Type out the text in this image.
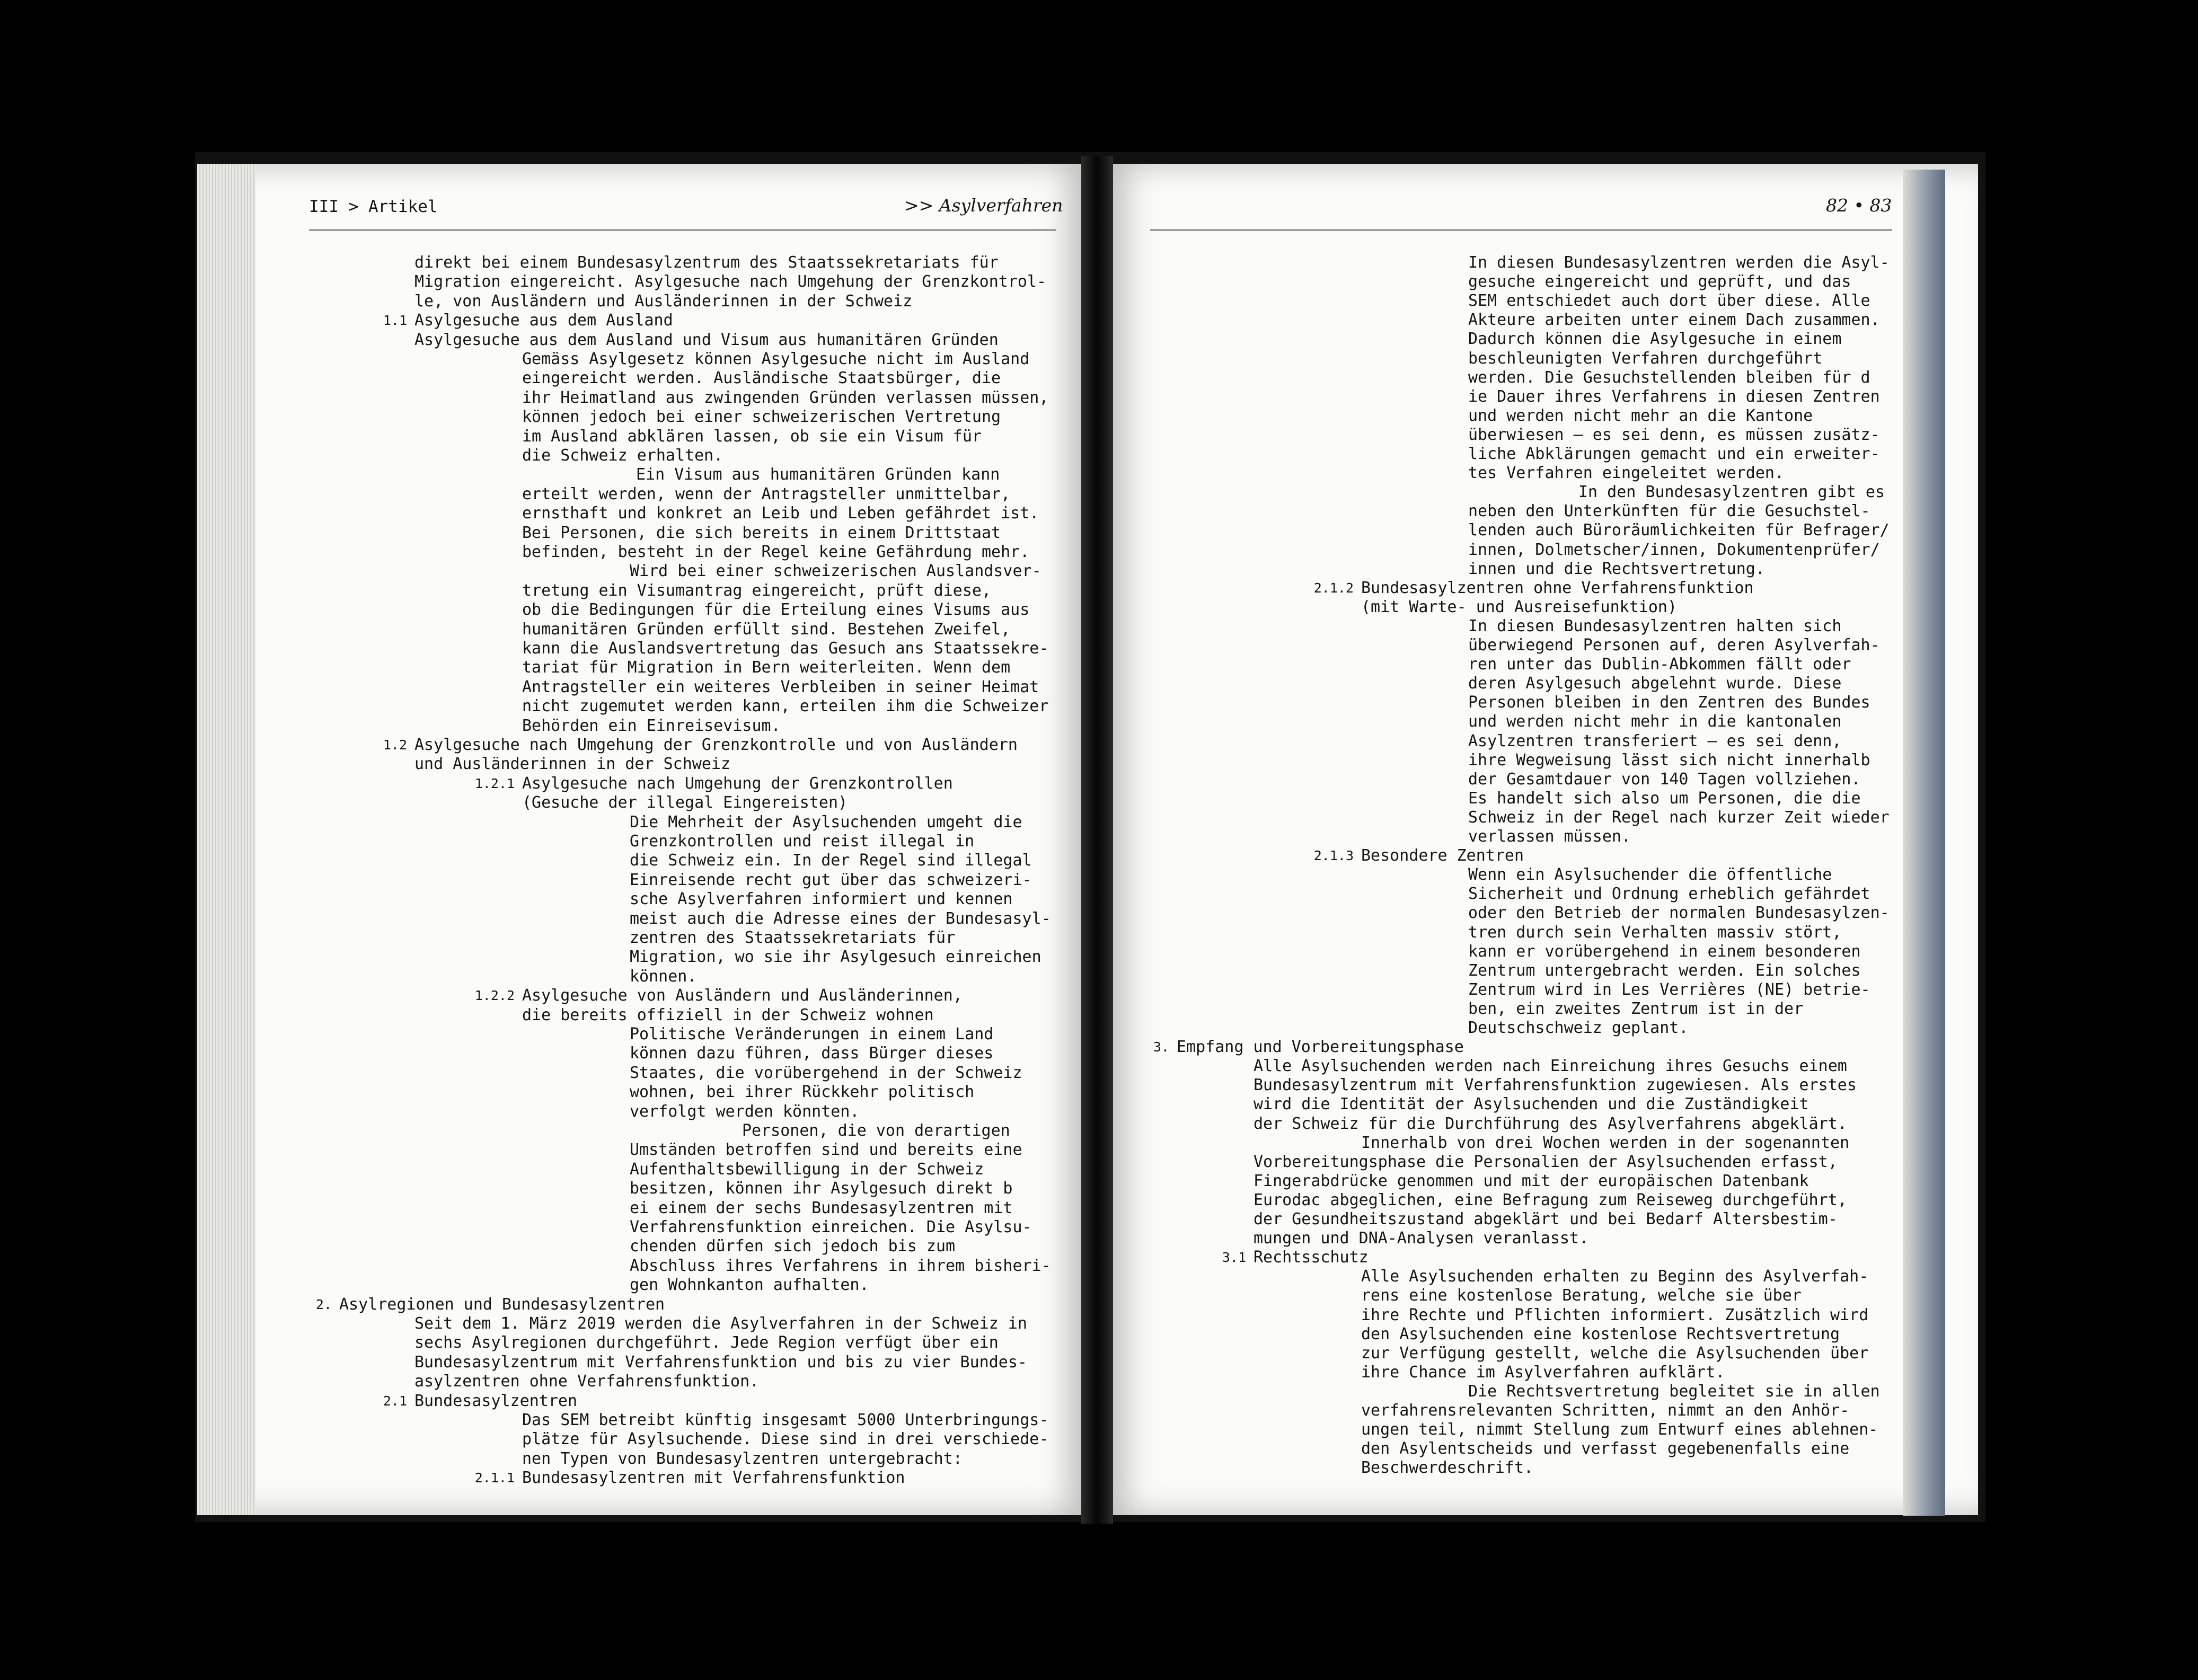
III > Artikel	>> Asylverfahren	82 • 83
direkt bei einem Bundesasylzentrum des Staatssekretariats für
Migration eingereicht. Asylgesuche nach Umgehung der Grenzkontrol-
le, von Ausländern und Ausländerinnen in der Schweiz
1.1 Asylgesuche aus dem Ausland
Asylgesuche aus dem Ausland und Visum aus humanitären Gründen
Gemäss Asylgesetz können Asylgesuche nicht im Ausland
eingereicht werden. Ausländische Staatsbürger, die
ihr Heimatland aus zwingenden Gründen verlassen müssen,
können jedoch bei einer schweizerischen Vertretung
im Ausland abklären lassen, ob sie ein Visum für
die Schweiz erhalten.
Ein Visum aus humanitären Gründen kann
erteilt werden, wenn der Antragsteller unmittelbar,
ernsthaft und konkret an Leib und Leben gefährdet ist.
Bei Personen, die sich bereits in einem Drittstaat
befinden, besteht in der Regel keine Gefährdung mehr.
Wird bei einer schweizerischen Auslandsver-
tretung ein Visumantrag eingereicht, prüft diese,
ob die Bedingungen für die Erteilung eines Visums aus
humanitären Gründen erfüllt sind. Bestehen Zweifel,
kann die Auslandsvertretung das Gesuch ans Staatssekre-
tariat für Migration in Bern weiterleiten. Wenn dem
Antragsteller ein weiteres Verbleiben in seiner Heimat
nicht zugemutet werden kann, erteilen ihm die Schweizer
Behörden ein Einreisevisum.
1.2 Asylgesuche nach Umgehung der Grenzkontrolle und von Ausländern
und Ausländerinnen in der Schweiz
1.2.1 Asylgesuche nach Umgehung der Grenzkontrollen
(Gesuche der illegal Eingereisten)
Die Mehrheit der Asylsuchenden umgeht die
Grenzkontrollen und reist illegal in
die Schweiz ein. In der Regel sind illegal
Einreisende recht gut über das schweizeri-
sche Asylverfahren informiert und kennen
meist auch die Adresse eines der Bundesasyl-
zentren des Staatssekretariats für
Migration, wo sie ihr Asylgesuch einreichen
können.
1.2.2 Asylgesuche von Ausländern und Ausländerinnen,
die bereits offiziell in der Schweiz wohnen
Politische Veränderungen in einem Land
können dazu führen, dass Bürger dieses
Staates, die vorübergehend in der Schweiz
wohnen, bei ihrer Rückkehr politisch
verfolgt werden könnten.
Personen, die von derartigen
Umständen betroffen sind und bereits eine
Aufenthaltsbewilligung in der Schweiz
besitzen, können ihr Asylgesuch direkt b
ei einem der sechs Bundesasylzentren mit
Verfahrensfunktion einreichen. Die Asylsu-
chenden dürfen sich jedoch bis zum
Abschluss ihres Verfahrens in ihrem bisheri-
gen Wohnkanton aufhalten.
2. Asylregionen und Bundesasylzentren
Seit dem 1. März 2019 werden die Asylverfahren in der Schweiz in
sechs Asylregionen durchgeführt. Jede Region verfügt über ein
Bundesasylzentrum mit Verfahrensfunktion und bis zu vier Bundes-
asylzentren ohne Verfahrensfunktion.
2.1 Bundesasylzentren
Das SEM betreibt künftig insgesamt 5000 Unterbringungs-
plätze für Asylsuchende. Diese sind in drei verschiede-
nen Typen von Bundesasylzentren untergebracht:
2.1.1 Bundesasylzentren mit Verfahrensfunktion
In diesen Bundesasylzentren werden die Asyl-
gesuche eingereicht und geprüft, und das
SEM entschiedet auch dort über diese. Alle
Akteure arbeiten unter einem Dach zusammen.
Dadurch können die Asylgesuche in einem
beschleunigten Verfahren durchgeführt
werden. Die Gesuchstellenden bleiben für d
ie Dauer ihres Verfahrens in diesen Zentren
und werden nicht mehr an die Kantone
überwiesen – es sei denn, es müssen zusätz-
liche Abklärungen gemacht und ein erweiter-
tes Verfahren eingeleitet werden.
In den Bundesasylzentren gibt es
neben den Unterkünften für die Gesuchstel-
lenden auch Büroräumlichkeiten für Befrager/
innen, Dolmetscher/innen, Dokumentenprüfer/
innen und die Rechtsvertretung.
2.1.2 Bundesasylzentren ohne Verfahrensfunktion
(mit Warte- und Ausreisefunktion)
In diesen Bundesasylzentren halten sich
überwiegend Personen auf, deren Asylverfah-
ren unter das Dublin-Abkommen fällt oder
deren Asylgesuch abgelehnt wurde. Diese
Personen bleiben in den Zentren des Bundes
und werden nicht mehr in die kantonalen
Asylzentren transferiert – es sei denn,
ihre Wegweisung lässt sich nicht innerhalb
der Gesamtdauer von 140 Tagen vollziehen.
Es handelt sich also um Personen, die die
Schweiz in der Regel nach kurzer Zeit wieder
verlassen müssen.
2.1.3 Besondere Zentren
Wenn ein Asylsuchender die öffentliche
Sicherheit und Ordnung erheblich gefährdet
oder den Betrieb der normalen Bundesasylzen-
tren durch sein Verhalten massiv stört,
kann er vorübergehend in einem besonderen
Zentrum untergebracht werden. Ein solches
Zentrum wird in Les Verrières (NE) betrie-
ben, ein zweites Zentrum ist in der
Deutschschweiz geplant.
3. Empfang und Vorbereitungsphase
Alle Asylsuchenden werden nach Einreichung ihres Gesuchs einem
Bundesasylzentrum mit Verfahrensfunktion zugewiesen. Als erstes
wird die Identität der Asylsuchenden und die Zuständigkeit
der Schweiz für die Durchführung des Asylverfahrens abgeklärt.
Innerhalb von drei Wochen werden in der sogenannten
Vorbereitungsphase die Personalien der Asylsuchenden erfasst,
Fingerabdrücke genommen und mit der europäischen Datenbank
Eurodac abgeglichen, eine Befragung zum Reiseweg durchgeführt,
der Gesundheitszustand abgeklärt und bei Bedarf Altersbestim-
mungen und DNA-Analysen veranlasst.
3.1 Rechtsschutz
Alle Asylsuchenden erhalten zu Beginn des Asylverfah-
rens eine kostenlose Beratung, welche sie über
ihre Rechte und Pflichten informiert. Zusätzlich wird
den Asylsuchenden eine kostenlose Rechtsvertretung
zur Verfügung gestellt, welche die Asylsuchenden über
ihre Chance im Asylverfahren aufklärt.
Die Rechtsvertretung begleitet sie in allen
verfahrensrelevanten Schritten, nimmt an den Anhör-
ungen teil, nimmt Stellung zum Entwurf eines ablehnen-
den Asylentscheids und verfasst gegebenenfalls eine
Beschwerdeschrift.
